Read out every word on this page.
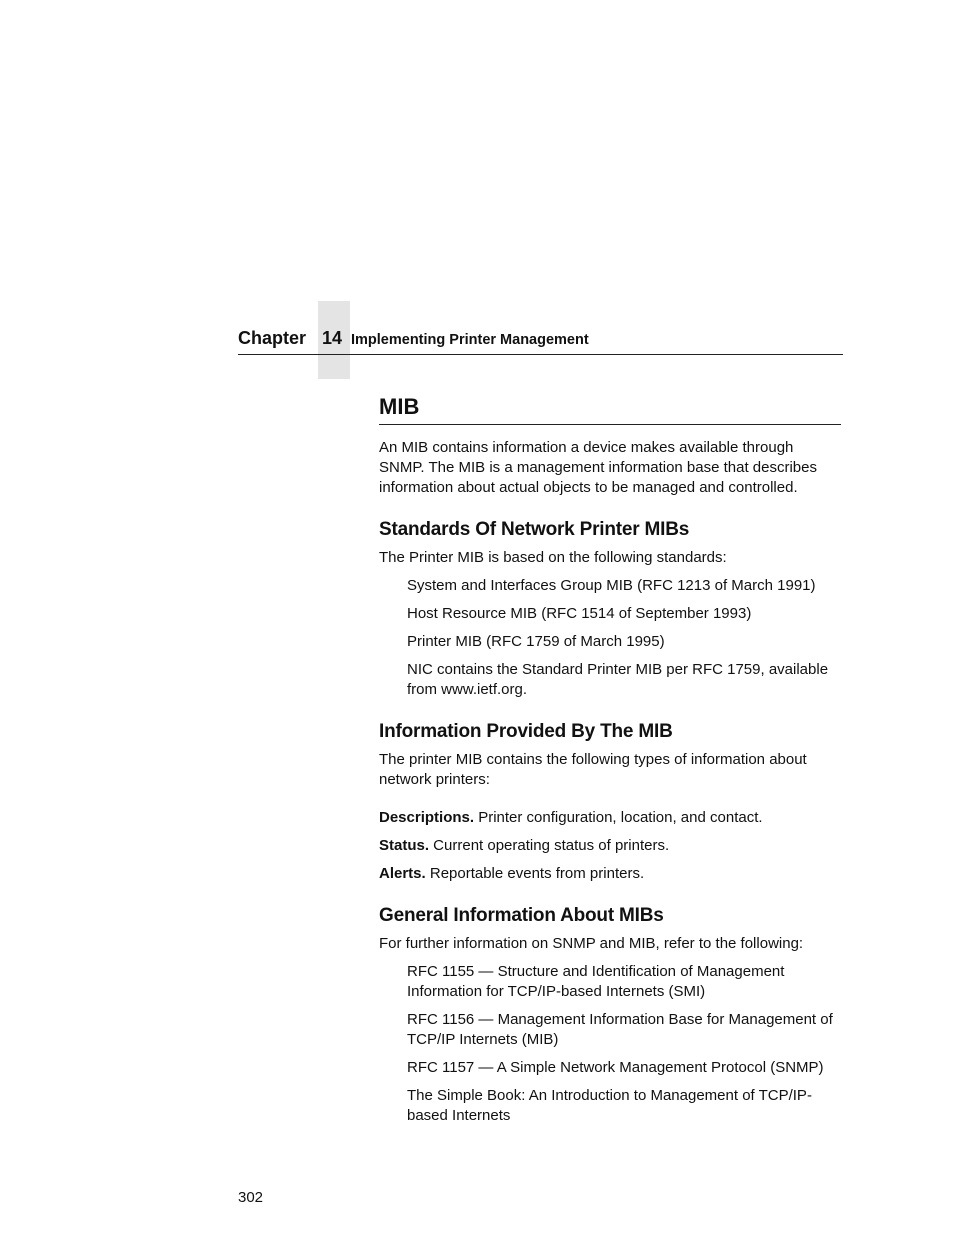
Chapter 14 Implementing Printer Management
MIB

An MIB contains information a device makes available through SNMP. The MIB is a management information base that describes information about actual objects to be managed and controlled.

Standards Of Network Printer MIBs

The Printer MIB is based on the following standards:

System and Interfaces Group MIB (RFC 1213 of March 1991)
Host Resource MIB (RFC 1514 of September 1993)
Printer MIB (RFC 1759 of March 1995)
NIC contains the Standard Printer MIB per RFC 1759, available from www.ietf.org.
Information Provided By The MIB

The printer MIB contains the following types of information about network printers:

Descriptions. Printer configuration, location, and contact.

Status. Current operating status of printers.

Alerts. Reportable events from printers.

General Information About MIBs

For further information on SNMP and MIB, refer to the following:

RFC 1155 — Structure and Identification of Management Information for TCP/IP-based Internets (SMI)
RFC 1156 — Management Information Base for Management of TCP/IP Internets (MIB)
RFC 1157 — A Simple Network Management Protocol (SNMP)
The Simple Book: An Introduction to Management of TCP/IP-based Internets
302
